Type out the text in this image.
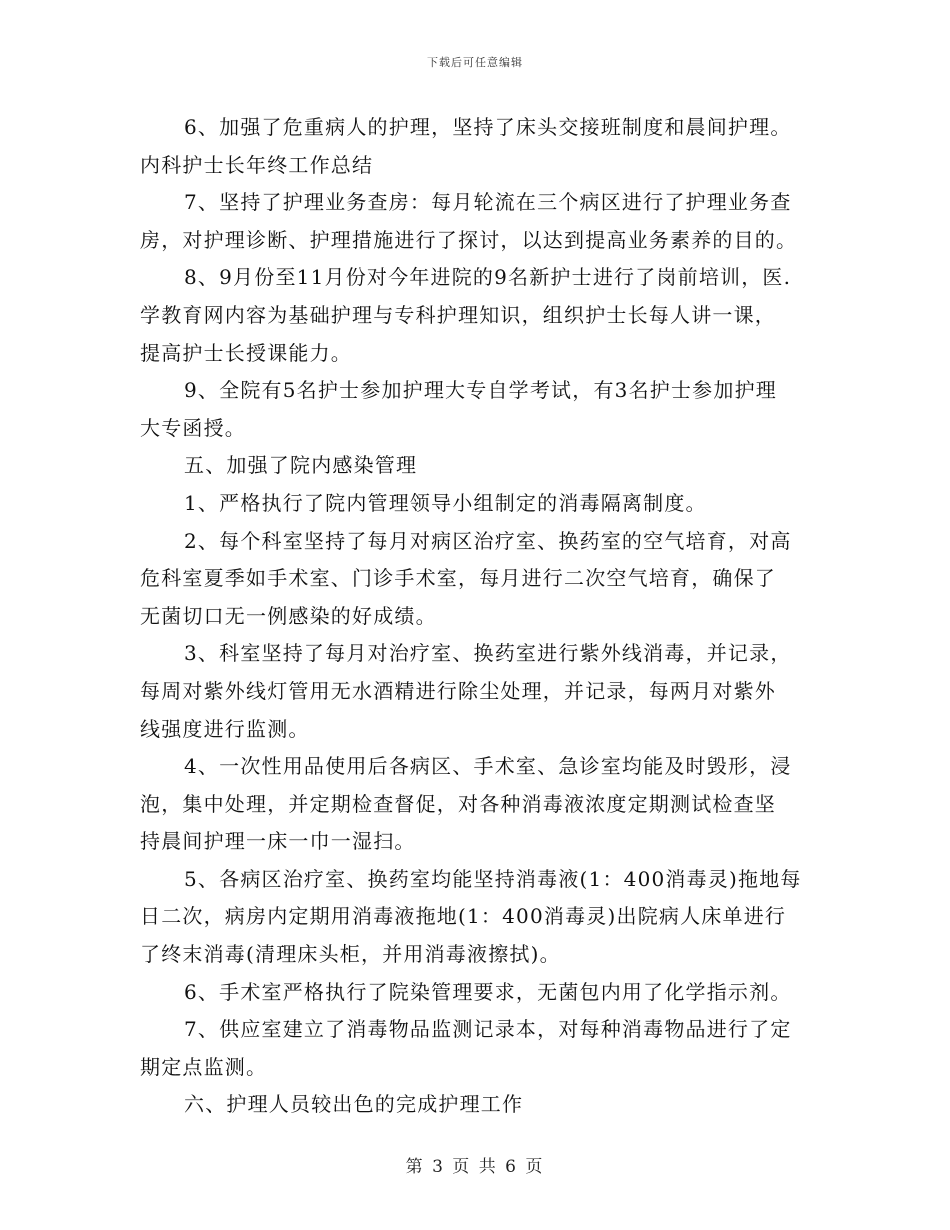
下载后可任意编辑
6、加强了危重病人的护理，坚持了床头交接班制度和晨间护理。
内科护士长年终工作总结
7、坚持了护理业务查房：每月轮流在三个病区进行了护理业务查
房，对护理诊断、护理措施进行了探讨，以达到提高业务素养的目的。
8、9月份至11月份对今年进院的9名新护士进行了岗前培训，医.
学教育网内容为基础护理与专科护理知识，组织护士长每人讲一课，
提高护士长授课能力。
9、全院有5名护士参加护理大专自学考试，有3名护士参加护理
大专函授。
五、加强了院内感染管理
1、严格执行了院内管理领导小组制定的消毒隔离制度。
2、每个科室坚持了每月对病区治疗室、换药室的空气培育，对高
危科室夏季如手术室、门诊手术室，每月进行二次空气培育，确保了
无菌切口无一例感染的好成绩。
3、科室坚持了每月对治疗室、换药室进行紫外线消毒，并记录，
每周对紫外线灯管用无水酒精进行除尘处理，并记录，每两月对紫外
线强度进行监测。
4、一次性用品使用后各病区、手术室、急诊室均能及时毁形，浸
泡，集中处理，并定期检查督促，对各种消毒液浓度定期测试检查坚
持晨间护理一床一巾一湿扫。
5、各病区治疗室、换药室均能坚持消毒液(1：400消毒灵)拖地每
日二次，病房内定期用消毒液拖地(1：400消毒灵)出院病人床单进行
了终末消毒(清理床头柜，并用消毒液擦拭)。
6、手术室严格执行了院染管理要求，无菌包内用了化学指示剂。
7、供应室建立了消毒物品监测记录本，对每种消毒物品进行了定
期定点监测。
六、护理人员较出色的完成护理工作
第 3 页 共 6 页
